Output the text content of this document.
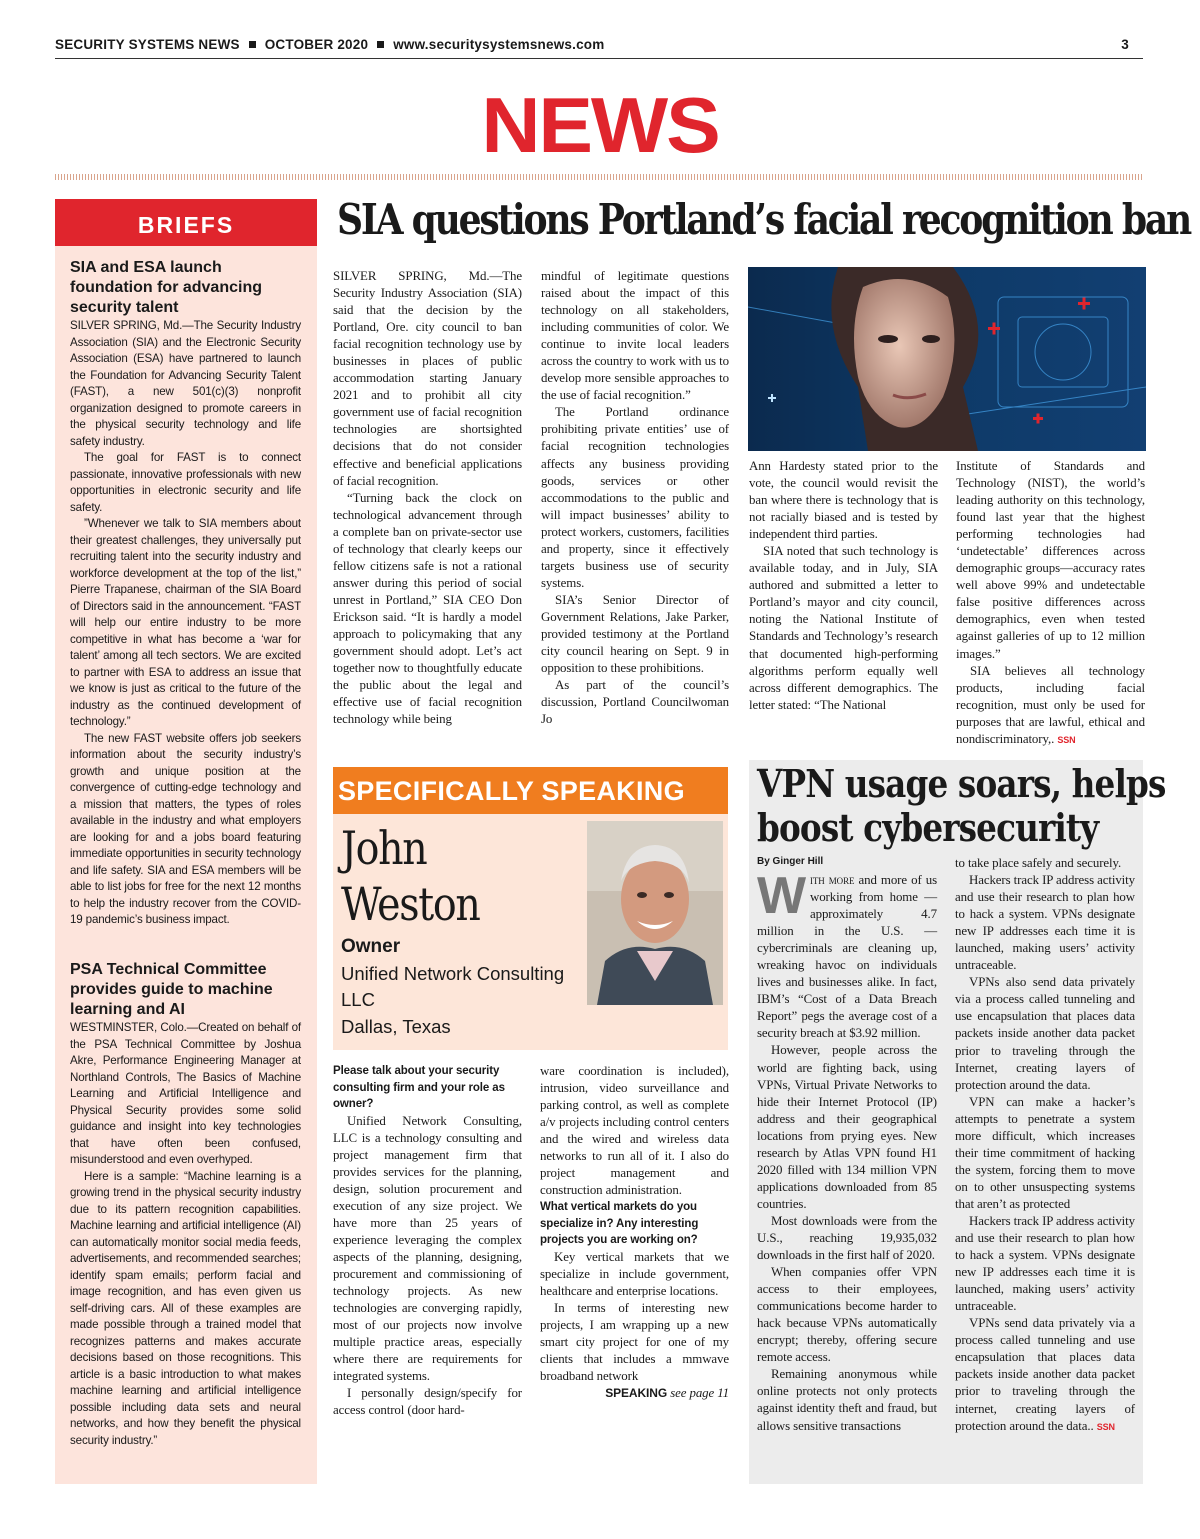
SECURITY SYSTEMS NEWS OCTOBER 2020 www.securitysystemsnews.com	3
NEWS
BRIEFS
SIA and ESA launch foundation for advancing security talent

SILVER SPRING, Md.—The Security Industry Association (SIA) and the Electronic Security Association (ESA) have partnered to launch the Foundation for Advancing Security Talent (FAST), a new 501(c)(3) nonprofit organization designed to promote careers in the physical security technology and life safety industry.

The goal for FAST is to connect passionate, innovative professionals with new opportunities in electronic security and life safety.

”Whenever we talk to SIA members about their greatest challenges, they universally put recruiting talent into the security industry and workforce development at the top of the list,” Pierre Trapanese, chairman of the SIA Board of Directors said in the announcement. “FAST will help our entire industry to be more competitive in what has become a ‘war for talent’ among all tech sectors. We are excited to partner with ESA to address an issue that we know is just as critical to the future of the industry as the continued development of technology.”

The new FAST website offers job seekers information about the security industry’s growth and unique position at the convergence of cutting-edge technology and a mission that matters, the types of roles available in the industry and what employers are looking for and a jobs board featuring immediate opportunities in security technology and life safety. SIA and ESA members will be able to list jobs for free for the next 12 months to help the industry recover from the COVID-19 pandemic’s business impact.

PSA Technical Committee provides guide to machine learning and AI

WESTMINSTER, Colo.—Created on behalf of the PSA Technical Committee by Joshua Akre, Performance Engineering Manager at Northland Controls, The Basics of Machine Learning and Artificial Intelligence and Physical Security provides some solid guidance and insight into key technologies that have often been confused, misunderstood and even overhyped.

Here is a sample: “Machine learning is a growing trend in the physical security industry due to its pattern recognition capabilities. Machine learning and artificial intelligence (AI) can automatically monitor social media feeds, advertisements, and recommended searches; identify spam emails; perform facial and image recognition, and has even given us self-driving cars. All of these examples are made possible through a trained model that recognizes patterns and makes accurate decisions based on those recognitions. This article is a basic introduction to what makes machine learning and artificial intelligence possible including data sets and neural networks, and how they benefit the physical security industry.”

SIA questions Portland’s facial recognition ban

SILVER SPRING, Md.—The Security Industry Association (SIA) said that the decision by the Portland, Ore. city council to ban facial recognition technology use by businesses in places of public accommodation starting January 2021 and to prohibit all city government use of facial recognition technologies are shortsighted decisions that do not consider effective and beneficial applications of facial recognition.

“Turning back the clock on technological advancement through a complete ban on private-sector use of technology that clearly keeps our fellow citizens safe is not a rational answer during this period of social unrest in Portland,” SIA CEO Don Erickson said. “It is hardly a model approach to policymaking that any government should adopt. Let’s act together now to thoughtfully educate the public about the legal and effective use of facial recognition technology while being

mindful of legitimate questions raised about the impact of this technology on all stakeholders, including communities of color. We continue to invite local leaders across the country to work with us to develop more sensible approaches to the use of facial recognition.”

The Portland ordinance prohibiting private entities’ use of facial recognition technologies affects any business providing goods, services or other accommodations to the public and will impact businesses’ ability to protect workers, customers, facilities and property, since it effectively targets business use of security systems.

SIA’s Senior Director of Government Relations, Jake Parker, provided testimony at the Portland city council hearing on Sept. 9 in opposition to these prohibitions.

As part of the council’s discussion, Portland Councilwoman Jo

Ann Hardesty stated prior to the vote, the council would revisit the ban where there is technology that is not racially biased and is tested by independent third parties.

SIA noted that such technology is available today, and in July, SIA authored and submitted a letter to Portland’s mayor and city council, noting the National Institute of Standards and Technology’s research that documented high-performing algorithms perform equally well across different demographics. The letter stated: “The National

Institute of Standards and Technology (NIST), the world’s leading authority on this technology, found last year that the highest performing technologies had ‘undetectable’ differences across demographic groups—accuracy rates well above 99% and undetectable false positive differences across demographics, even when tested against galleries of up to 12 million images.”

SIA believes all technology products, including facial recognition, must only be used for purposes that are lawful, ethical and nondiscriminatory,. SSN

SPECIFICALLY SPEAKING
John
Weston
Owner
Unified Network Consulting
LLC
Dallas, Texas

Please talk about your security consulting firm and your role as owner?

Unified Network Consulting, LLC is a technology consulting and project management firm that provides services for the planning, design, solution procurement and execution of any size project. We have more than 25 years of experience leveraging the complex aspects of the planning, designing, procurement and commissioning of technology projects. As new technologies are converging rapidly, most of our projects now involve multiple practice areas, especially where there are requirements for integrated systems.

I personally design/specify for access control (door hard-

ware coordination is included), intrusion, video surveillance and parking control, as well as complete a/v projects including control centers and the wired and wireless data networks to run all of it. I also do project management and construction administration.

What vertical markets do you specialize in? Any interesting projects you are working on?

Key vertical markets that we specialize in include government, healthcare and enterprise locations.

In terms of interesting new projects, I am wrapping up a new smart city project for one of my clients that includes a mmwave broadband network

SPEAKING see page 11
VPN usage soars, helps
boost cybersecurity
By Ginger Hill

With more and more of us working from home — approximately 4.7 million in the U.S. — cybercriminals are cleaning up, wreaking havoc on individuals lives and businesses alike. In fact, IBM’s “Cost of a Data Breach Report” pegs the average cost of a security breach at $3.92 million.

However, people across the world are fighting back, using VPNs, Virtual Private Networks to hide their Internet Protocol (IP) address and their geographical locations from prying eyes. New research by Atlas VPN found H1 2020 filled with 134 million VPN applications downloaded from 85 countries.

Most downloads were from the U.S., reaching 19,935,032 downloads in the first half of 2020.

When companies offer VPN access to their employees, communications become harder to hack because VPNs automatically encrypt; thereby, offering secure remote access.

Remaining anonymous while online protects not only protects against identity theft and fraud, but allows sensitive transactions

to take place safely and securely.

Hackers track IP address activity and use their research to plan how to hack a system. VPNs designate new IP addresses each time it is launched, making users’ activity untraceable.

VPNs also send data privately via a process called tunneling and use encapsulation that places data packets inside another data packet prior to traveling through the Internet, creating layers of protection around the data.

VPN can make a hacker’s attempts to penetrate a system more difficult, which increases their time commitment of hacking the system, forcing them to move on to other unsuspecting systems that aren’t as protected

Hackers track IP address activity and use their research to plan how to hack a system. VPNs designate new IP addresses each time it is launched, making users’ activity untraceable.

VPNs send data privately via a process called tunneling and use encapsulation that places data packets inside another data packet prior to traveling through the internet, creating layers of protection around the data.. SSN
